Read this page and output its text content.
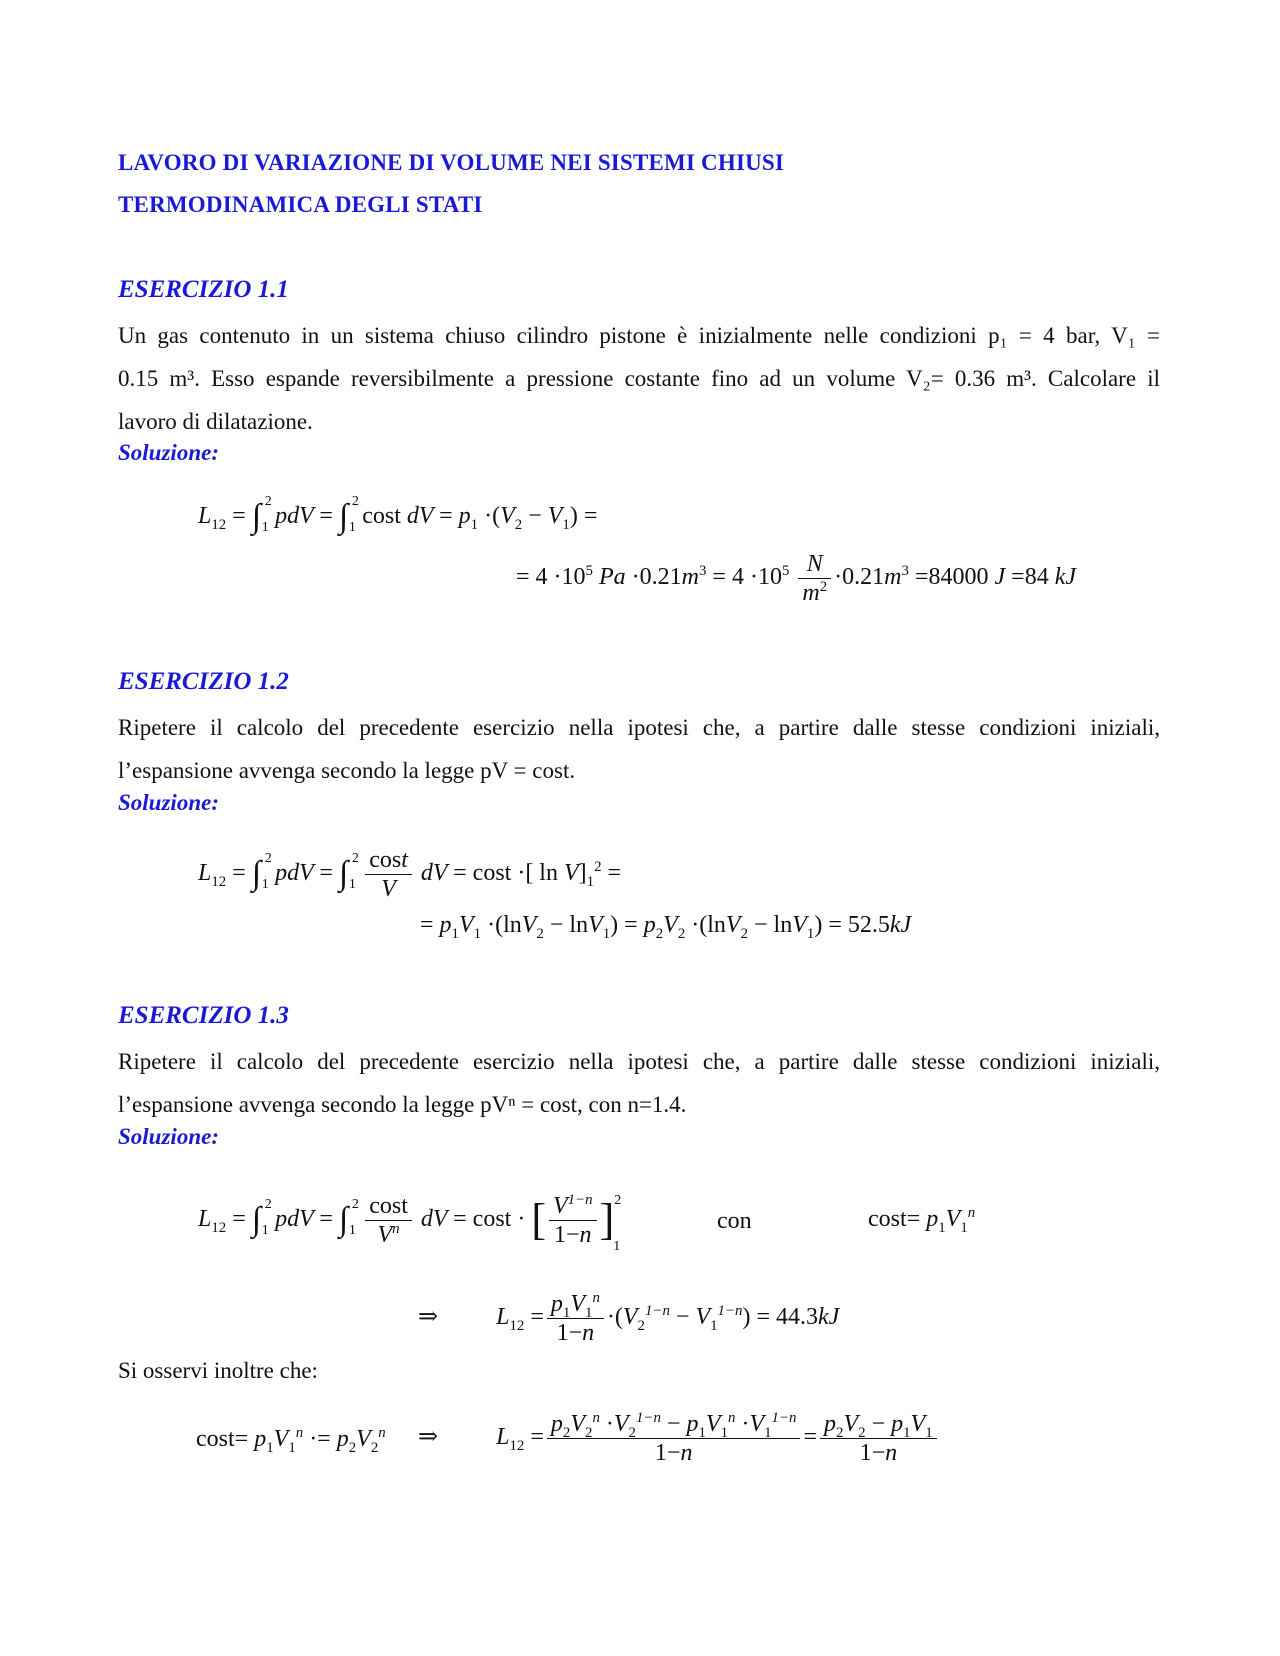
LAVORO DI VARIAZIONE DI VOLUME NEI SISTEMI CHIUSI
TERMODINAMICA DEGLI STATI
ESERCIZIO 1.1
Un gas contenuto in un sistema chiuso cilindro pistone è inizialmente nelle condizioni p₁ = 4 bar, V₁ =
0.15 m³. Esso espande reversibilmente a pressione costante fino ad un volume V₂= 0.36 m³. Calcolare il
lavoro di dilatazione.
Soluzione:
$L_{12}$ = ∫ 2
1 pdV = ∫ 2
1 cost dV = $p_1 \cdot(V_2 - V_1)$ =
= $4 \cdot 10^5$ $Pa \cdot 0.21m^3 = 4 \cdot 10^5 \frac{N}{m^2} \cdot 0.21m^3 =84000$ J =84 kJ
ESERCIZIO 1.2
Ripetere il calcolo del precedente esercizio nella ipotesi che, a partire dalle stesse condizioni iniziali,
l’espansione avvenga secondo la legge pV = cost.
Soluzione:
$L_{12}$ = ∫ 2
1 pdV = ∫ 2
$1 \frac{\cos t}{V}$ dV = cost ·[ $\ln V]_1^2$ =
= $p_1V_1 \cdot(\ln V_2 - \ln V_1) = p_2V_2 \cdot(\ln V_2 - \ln V_1) = 52.5kJ$
ESERCIZIO 1.3
Ripetere il calcolo del precedente esercizio nella ipotesi che, a partire dalle stesse condizioni iniziali,
l’espansione avvenga secondo la legge pVⁿ = cost, con n=1.4.
Soluzione:
$L_{12}$ = ∫ 2
1 pdV = ∫ 2
$1 \frac{\cos t}{V^n}$ dV = cost · [ $\frac{V^{1-n}}{1-n} ]^2_1$
con	$\cos t= p_1V_1^n$
⇒  $L_{12} = \frac{p_1V_1^n}{1-n} \cdot(V_2^{1-n} - V_1^{1-n}) = 44.3kJ$
Si osservi inoltre che:
$\cos t= p_1V_1^n \cdot= p_2V_2^n$ ⇒  $L_{12} = \frac{p_2V_2^n \cdot V_2^{1-n} - p_1V_1^n \cdot V_1^{1-n}}{1-n} = \frac{p_2V_2 - p_1V_1}{1-n}$
